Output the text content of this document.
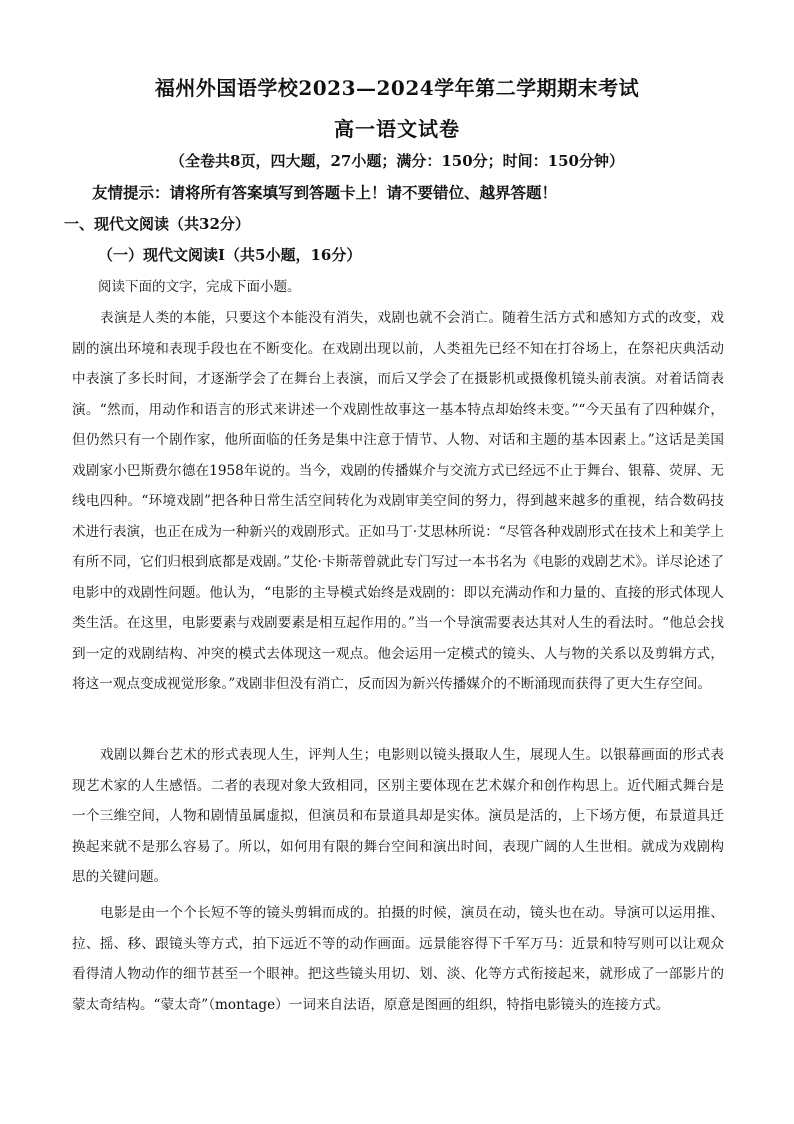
福州外国语学校2023—2024学年第二学期期末考试
高一语文试卷
（全卷共8页，四大题，27小题；满分：150分；时间：150分钟）
友情提示：请将所有答案填写到答题卡上！请不要错位、越界答题！
一、现代文阅读（共32分）
（一）现代文阅读Ⅰ（共5小题，16分）
阅读下面的文字，完成下面小题。

表演是人类的本能，只要这个本能没有消失，戏剧也就不会消亡。随着生活方式和感知方式的改变，戏剧的演出环境和表现手段也在不断变化。在戏剧出现以前，人类祖先已经不知在打谷场上，在祭祀庆典活动中表演了多长时间，才逐渐学会了在舞台上表演，而后又学会了在摄影机或摄像机镜头前表演。对着话筒表演。“然而，用动作和语言的形式来讲述一个戏剧性故事这一基本特点却始终未变。”“今天虽有了四种媒介，但仍然只有一个剧作家，他所面临的任务是集中注意于情节、人物、对话和主题的基本因素上。”这话是美国戏剧家小巴斯费尔德在1958年说的。当今，戏剧的传播媒介与交流方式已经远不止于舞台、银幕、荧屏、无线电四种。“环境戏剧”把各种日常生活空间转化为戏剧审美空间的努力，得到越来越多的重视，结合数码技术进行表演，也正在成为一种新兴的戏剧形式。正如马丁·艾思林所说：“尽管各种戏剧形式在技术上和美学上有所不同，它们归根到底都是戏剧。”艾伦·卡斯蒂曾就此专门写过一本书名为《电影的戏剧艺术》。详尽论述了电影中的戏剧性问题。他认为，“电影的主导模式始终是戏剧的：即以充满动作和力量的、直接的形式体现人类生活。在这里，电影要素与戏剧要素是相互起作用的。”当一个导演需要表达其对人生的看法时。“他总会找到一定的戏剧结构、冲突的模式去体现这一观点。他会运用一定模式的镜头、人与物的关系以及剪辑方式，将这一观点变成视觉形象。”戏剧非但没有消亡，反而因为新兴传播媒介的不断涌现而获得了更大生存空间。

戏剧以舞台艺术的形式表现人生，评判人生；电影则以镜头摄取人生，展现人生。以银幕画面的形式表现艺术家的人生感悟。二者的表现对象大致相同，区别主要体现在艺术媒介和创作构思上。近代厢式舞台是一个三维空间，人物和剧情虽属虚拟，但演员和布景道具却是实体。演员是活的，上下场方便，布景道具迁换起来就不是那么容易了。所以，如何用有限的舞台空间和演出时间，表现广阔的人生世相。就成为戏剧构思的关键问题。

电影是由一个个长短不等的镜头剪辑而成的。拍摄的时候，演员在动，镜头也在动。导演可以运用推、拉、摇、移、跟镜头等方式，拍下远近不等的动作画面。远景能容得下千军万马：近景和特写则可以让观众看得清人物动作的细节甚至一个眼神。把这些镜头用切、划、淡、化等方式衔接起来，就形成了一部影片的蒙太奇结构。“蒙太奇”（montage）一词来自法语，原意是图画的组织，特指电影镜头的连接方式。
